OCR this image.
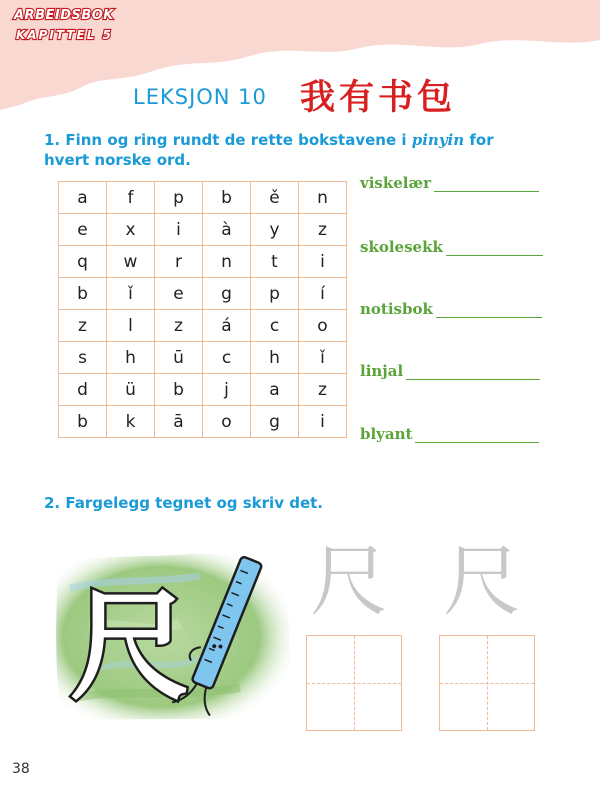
ARBEIDSBOK
KAPITTEL 5
LEKSJON 10 我有书包
1. Finn og ring rundt de rette bokstavene i pinyin for hvert norske ord.
a	f	p	b	ě	n
e	x	i	à	y	z
q	w	r	n	t	i
b	ǐ	e	g	p	í
z	l	z	á	c	o
s	h	ū	c	h	ǐ
d	ü	b	j	a	z
b	k	ā	o	g	i
viskelær
skolesekk
notisbok
linjal
blyant
2. Fargelegg tegnet og skriv det.
尺 尺 尺
38
